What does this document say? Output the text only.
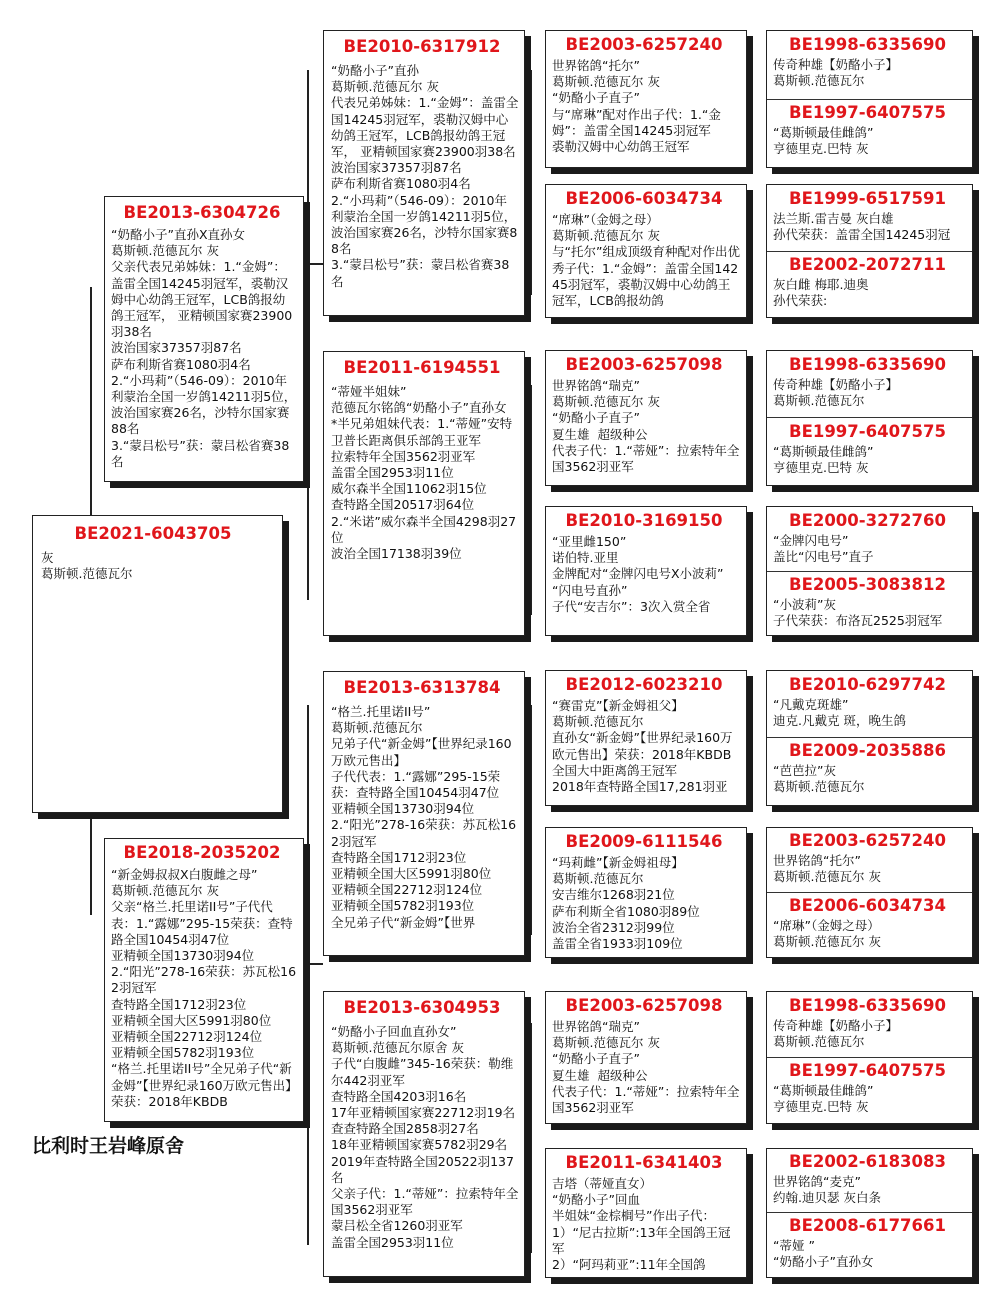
BE2021-6043705
灰
葛斯顿.范德瓦尔
BE2013-6304726
“奶酪小子”直孙X直孙女
葛斯顿.范德瓦尔 灰
父亲代表兄弟姊妹：1.“金姆”：盖雷全国14245羽冠军，裘勒汉姆中心幼鸽王冠军，LCB鸽报幼鸽王冠军， 亚精顿国家赛23900羽38名
波治国家37357羽87名
萨布利斯省赛1080羽4名
2.“小玛莉”（546-09）：2010年利蒙治全国一岁鸽14211羽5位，波治国家赛26名，沙特尔国家赛88名
3.“蒙吕松号”获：蒙吕松省赛38名
BE2018-2035202
“新金姆叔叔X白腹雌之母”
葛斯顿.范德瓦尔 灰
父亲“格兰.托里诺II号”子代代表：1.“露娜”295-15荣获：查特路全国10454羽47位
亚精顿全国13730羽94位
2.“阳光”278-16荣获：苏瓦松162羽冠军
查特路全国1712羽23位
亚精顿全国大区5991羽80位
亚精顿全国22712羽124位
亚精顿全国5782羽193位
“格兰.托里诺II号”全兄弟子代“新金姆”【世界纪录160万欧元售出】荣获：2018年KBDB
BE2010-6317912
“奶酪小子”直孙
葛斯顿.范德瓦尔 灰
代表兄弟姊妹：1.“金姆”：盖雷全国14245羽冠军，裘勒汉姆中心幼鸽王冠军，LCB鸽报幼鸽王冠军， 亚精顿国家赛23900羽38名
波治国家37357羽87名
萨布利斯省赛1080羽4名
2.“小玛莉”（546-09）：2010年利蒙治全国一岁鸽14211羽5位，波治国家赛26名，沙特尔国家赛88名
3.“蒙吕松号”获：蒙吕松省赛38名
BE2011-6194551
“蒂娅半姐妹”
范德瓦尔铭鸽“奶酪小子”直孙女
*半兄弟姐妹代表：1.“蒂娅”安特卫普长距离俱乐部鸽王亚军
拉索特年全国3562羽亚军
盖雷全国2953羽11位
威尔森半全国11062羽15位
查特路全国20517羽64位
2.“米诺”威尔森半全国4298羽27位
波治全国17138羽39位
BE2013-6313784
“格兰.托里诺II号”
葛斯顿.范德瓦尔
兄弟子代“新金姆”【世界纪录160万欧元售出】
子代代表：1.“露娜”295-15荣获：查特路全国10454羽47位
亚精顿全国13730羽94位
2.“阳光”278-16荣获：苏瓦松162羽冠军
查特路全国1712羽23位
亚精顿全国大区5991羽80位
亚精顿全国22712羽124位
亚精顿全国5782羽193位
全兄弟子代“新金姆”【世界
BE2013-6304953
“奶酪小子回血直孙女”
葛斯顿.范德瓦尔原舍 灰
子代“白腹雌”345-16荣获：勒维尔442羽亚军
查特路全国4203羽16名
17年亚精顿国家赛22712羽19名
查查特路全国2858羽27名
18年亚精顿国家赛5782羽29名
2019年查特路全国20522羽137名
父亲子代：1.“蒂娅”：拉索特年全国3562羽亚军
蒙吕松全省1260羽亚军
盖雷全国2953羽11位
BE2003-6257240
世界铭鸽“托尔”
葛斯顿.范德瓦尔 灰
“奶酪小子直子”
与“席琳”配对作出子代：1.“金姆”：盖雷全国14245羽冠军
裘勒汉姆中心幼鸽王冠军
BE2006-6034734
“席琳”（金姆之母）
葛斯顿.范德瓦尔 灰
与“托尔”组成顶级育种配对作出优秀子代：1.“金姆”：盖雷全国14245羽冠军，裘勒汉姆中心幼鸽王冠军，LCB鸽报幼鸽
BE2003-6257098
世界铭鸽“瑞克”
葛斯顿.范德瓦尔 灰
“奶酪小子直子”
夏生雄  超级种公
代表子代：1.“蒂娅”：拉索特年全国3562羽亚军
BE2010-3169150
“亚里雌150”
诺伯特.亚里
金牌配对“金牌闪电号X小波莉”
“闪电号直孙”
子代“安吉尔”：3次入赏全省
BE2012-6023210
“赛雷克”【新金姆祖父】
葛斯顿.范德瓦尔
直孙女“新金姆”【世界纪录160万欧元售出】荣获：2018年KBDB全国大中距离鸽王冠军
2018年查特路全国17,281羽亚
BE2009-6111546
“玛莉雌”【新金姆祖母】
葛斯顿.范德瓦尔
安吉维尔1268羽21位
萨布利斯全省1080羽89位
波治全省2312羽99位
盖雷全省1933羽109位
BE2003-6257098
世界铭鸽“瑞克”
葛斯顿.范德瓦尔 灰
“奶酪小子直子”
夏生雄  超级种公
代表子代：1.“蒂娅”：拉索特年全国3562羽亚军
BE2011-6341403
吉塔（蒂娅直女）
“奶酪小子”回血
半姐妹“金棕榈号”作出子代：1）“尼古拉斯”:13年全国鸽王冠军
2）“阿玛莉亚”:11年全国鸽
BE1998-6335690
传奇种雄【奶酪小子】
葛斯顿.范德瓦尔
BE1997-6407575
“葛斯顿最佳雌鸽”
亨德里克.巴特 灰
BE1999-6517591
法兰斯.雷吉曼 灰白雄
孙代荣获：盖雷全国14245羽冠
BE2002-2072711
灰白雌 梅耶.迪奥
孙代荣获:
BE1998-6335690
传奇种雄【奶酪小子】
葛斯顿.范德瓦尔
BE1997-6407575
“葛斯顿最佳雌鸽”
亨德里克.巴特 灰
BE2000-3272760
“金牌闪电号”
盖比“闪电号”直子
BE2005-3083812
“小波莉”灰
子代荣获：布洛瓦2525羽冠军
BE2010-6297742
“凡戴克斑雄”
迪克.凡戴克 斑，晚生鸽
BE2009-2035886
“芭芭拉”灰
葛斯顿.范德瓦尔
BE2003-6257240
世界铭鸽“托尔”
葛斯顿.范德瓦尔 灰
BE2006-6034734
“席琳”（金姆之母）
葛斯顿.范德瓦尔 灰
BE1998-6335690
传奇种雄【奶酪小子】
葛斯顿.范德瓦尔
BE1997-6407575
“葛斯顿最佳雌鸽”
亨德里克.巴特 灰
BE2002-6183083
世界铭鸽“麦克”
约翰.迪贝瑟 灰白条
BE2008-6177661
“蒂娅 ”
“奶酪小子”直孙女
比利时王岩峰原舍
